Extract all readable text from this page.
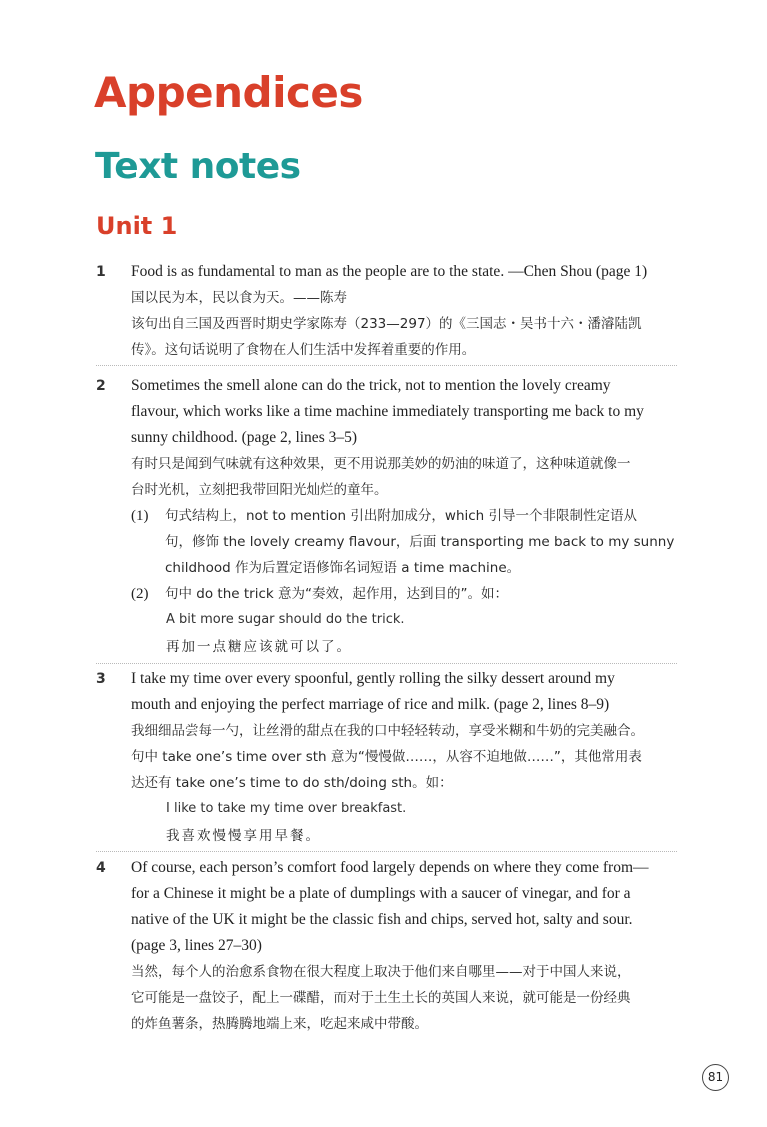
Appendices
Text notes
Unit 1
1 Food is as fundamental to man as the people are to the state. —Chen Shou (page 1)
国以民为本，民以食为天。——陈寿
该句出自三国及西晋时期史学家陈寿（233—297）的《三国志・吴书十六・潘濬陆凯
传》。这句话说明了食物在人们生活中发挥着重要的作用。
2 Sometimes the smell alone can do the trick, not to mention the lovely creamy
flavour, which works like a time machine immediately transporting me back to my
sunny childhood. (page 2, lines 3–5)
有时只是闻到气味就有这种效果，更不用说那美妙的奶油的味道了，这种味道就像一
台时光机，立刻把我带回阳光灿烂的童年。
(1) 句式结构上，not to mention 引出附加成分，which 引导一个非限制性定语从
句，修饰 the lovely creamy flavour，后面 transporting me back to my sunny
childhood 作为后置定语修饰名词短语 a time machine。
(2) 句中 do the trick 意为“奏效，起作用，达到目的”。如：
A bit more sugar should do the trick.
再加一点糖应该就可以了。
3 I take my time over every spoonful, gently rolling the silky dessert around my
mouth and enjoying the perfect marriage of rice and milk. (page 2, lines 8–9)
我细细品尝每一勺，让丝滑的甜点在我的口中轻轻转动，享受米糊和牛奶的完美融合。
句中 take one’s time over sth 意为“慢慢做……，从容不迫地做……”，其他常用表
达还有 take one’s time to do sth/doing sth。如：
I like to take my time over breakfast.
我喜欢慢慢享用早餐。
4 Of course, each person’s comfort food largely depends on where they come from—
for a Chinese it might be a plate of dumplings with a saucer of vinegar, and for a
native of the UK it might be the classic fish and chips, served hot, salty and sour.
(page 3, lines 27–30)
当然，每个人的治愈系食物在很大程度上取决于他们来自哪里——对于中国人来说，
它可能是一盘饺子，配上一碟醋，而对于土生土长的英国人来说，就可能是一份经典
的炸鱼薯条，热腾腾地端上来，吃起来咸中带酸。
81
